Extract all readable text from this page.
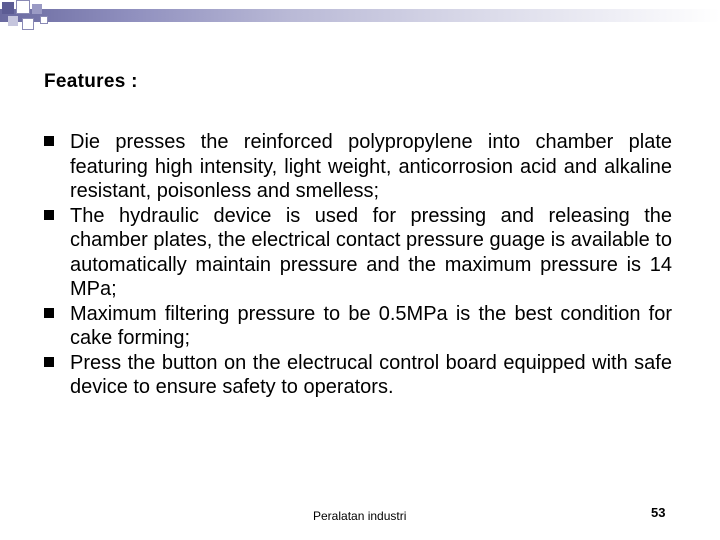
Features :
Die presses the reinforced polypropylene into chamber plate featuring high intensity, light weight, anticorrosion acid and alkaline resistant, poisonless and smelless;
The hydraulic device is used for pressing and releasing the chamber plates, the electrical contact pressure guage is available to automatically maintain pressure and the maximum pressure is 14 MPa;
Maximum filtering pressure to be 0.5MPa is the best condition for cake forming;
Press the button on the electrucal control board equipped with safe device to ensure safety to operators.
Peralatan industri	53
